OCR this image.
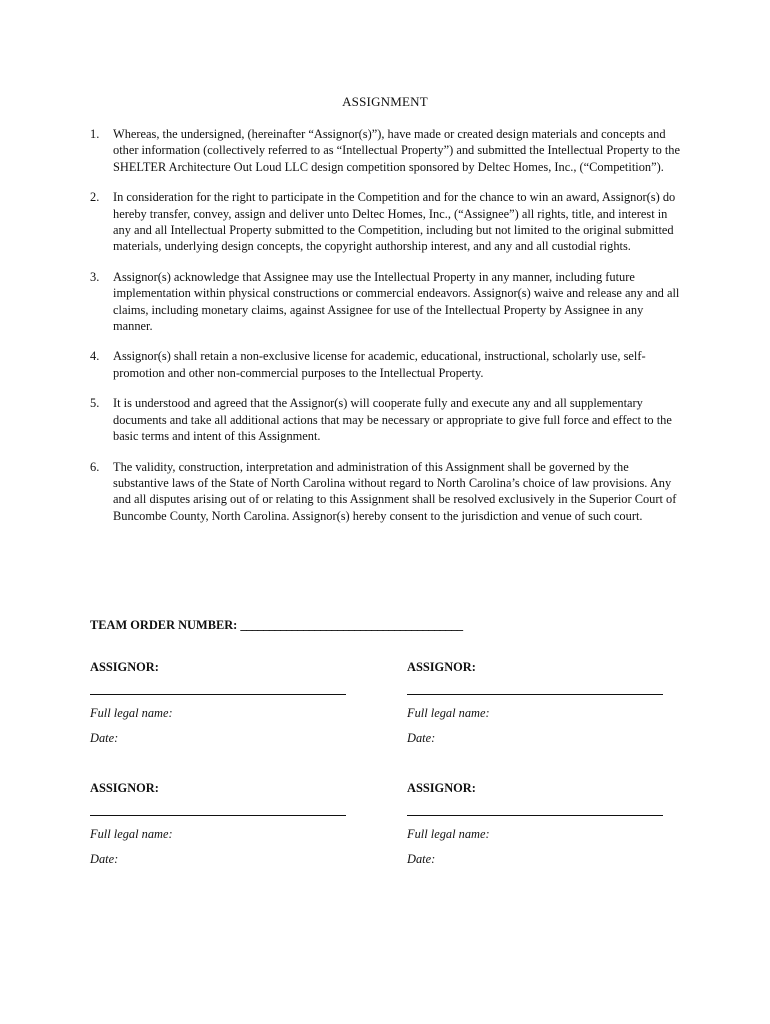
ASSIGNMENT
1.	Whereas, the undersigned, (hereinafter “Assignor(s)”), have made or created design materials and concepts and other information (collectively referred to as “Intellectual Property”) and submitted the Intellectual Property to the SHELTER Architecture Out Loud LLC design competition sponsored by Deltec Homes, Inc., (“Competition”).
2.	In consideration for the right to participate in the Competition and for the chance to win an award, Assignor(s) do hereby transfer, convey, assign and deliver unto Deltec Homes, Inc., (“Assignee”) all rights, title, and interest in any and all Intellectual Property submitted to the Competition, including but not limited to the original submitted materials, underlying design concepts, the copyright authorship interest, and any and all custodial rights.
3.	Assignor(s) acknowledge that Assignee may use the Intellectual Property in any manner, including future implementation within physical constructions or commercial endeavors. Assignor(s) waive and release any and all claims, including monetary claims, against Assignee for use of the Intellectual Property by Assignee in any manner.
4.	Assignor(s) shall retain a non-exclusive license for academic, educational, instructional, scholarly use, self-promotion and other non-commercial purposes to the Intellectual Property.
5.	It is understood and agreed that the Assignor(s) will cooperate fully and execute any and all supplementary documents and take all additional actions that may be necessary or appropriate to give full force and effect to the basic terms and intent of this Assignment.
6.	The validity, construction, interpretation and administration of this Assignment shall be governed by the substantive laws of the State of North Carolina without regard to North Carolina’s choice of law provisions. Any and all disputes arising out of or relating to this Assignment shall be resolved exclusively in the Superior Court of Buncombe County, North Carolina. Assignor(s) hereby consent to the jurisdiction and venue of such court.
TEAM ORDER NUMBER: _______________________________________
ASSIGNOR:
Full legal name:
Date:
ASSIGNOR:
Full legal name:
Date:
ASSIGNOR:
Full legal name:
Date:
ASSIGNOR:
Full legal name:
Date:
